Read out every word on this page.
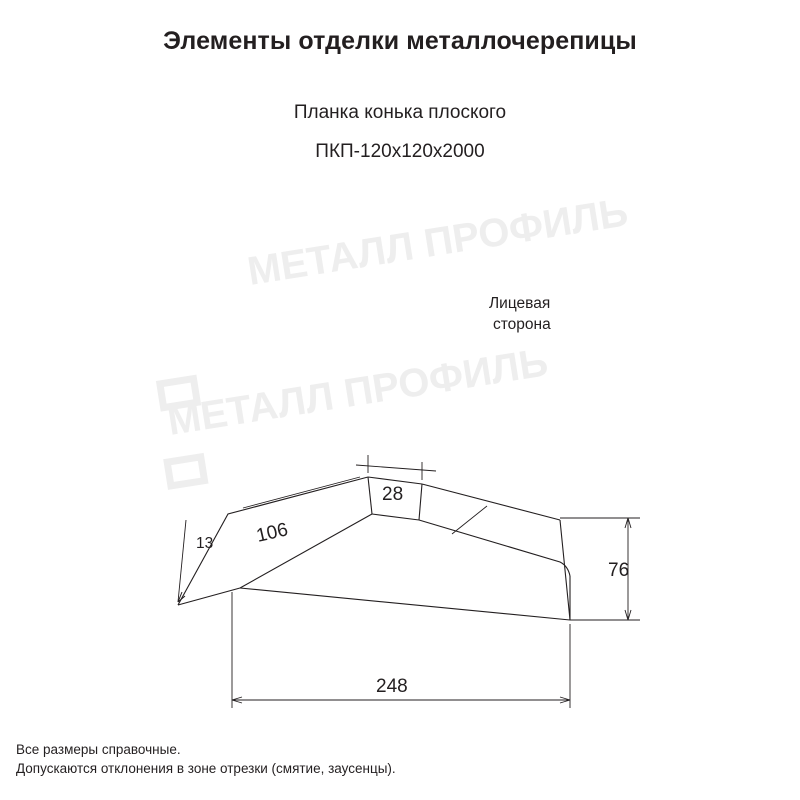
Элементы отделки металлочерепицы
Планка конька плоского
ПКП-120х120х2000
МЕТАЛЛ ПРОФИЛЬ
МЕТАЛЛ ПРОФИЛЬ
13 106
28
76
248
Лицевая
сторона
Все размеры справочные.
Допускаются отклонения в зоне отрезки (смятие, заусенцы).
